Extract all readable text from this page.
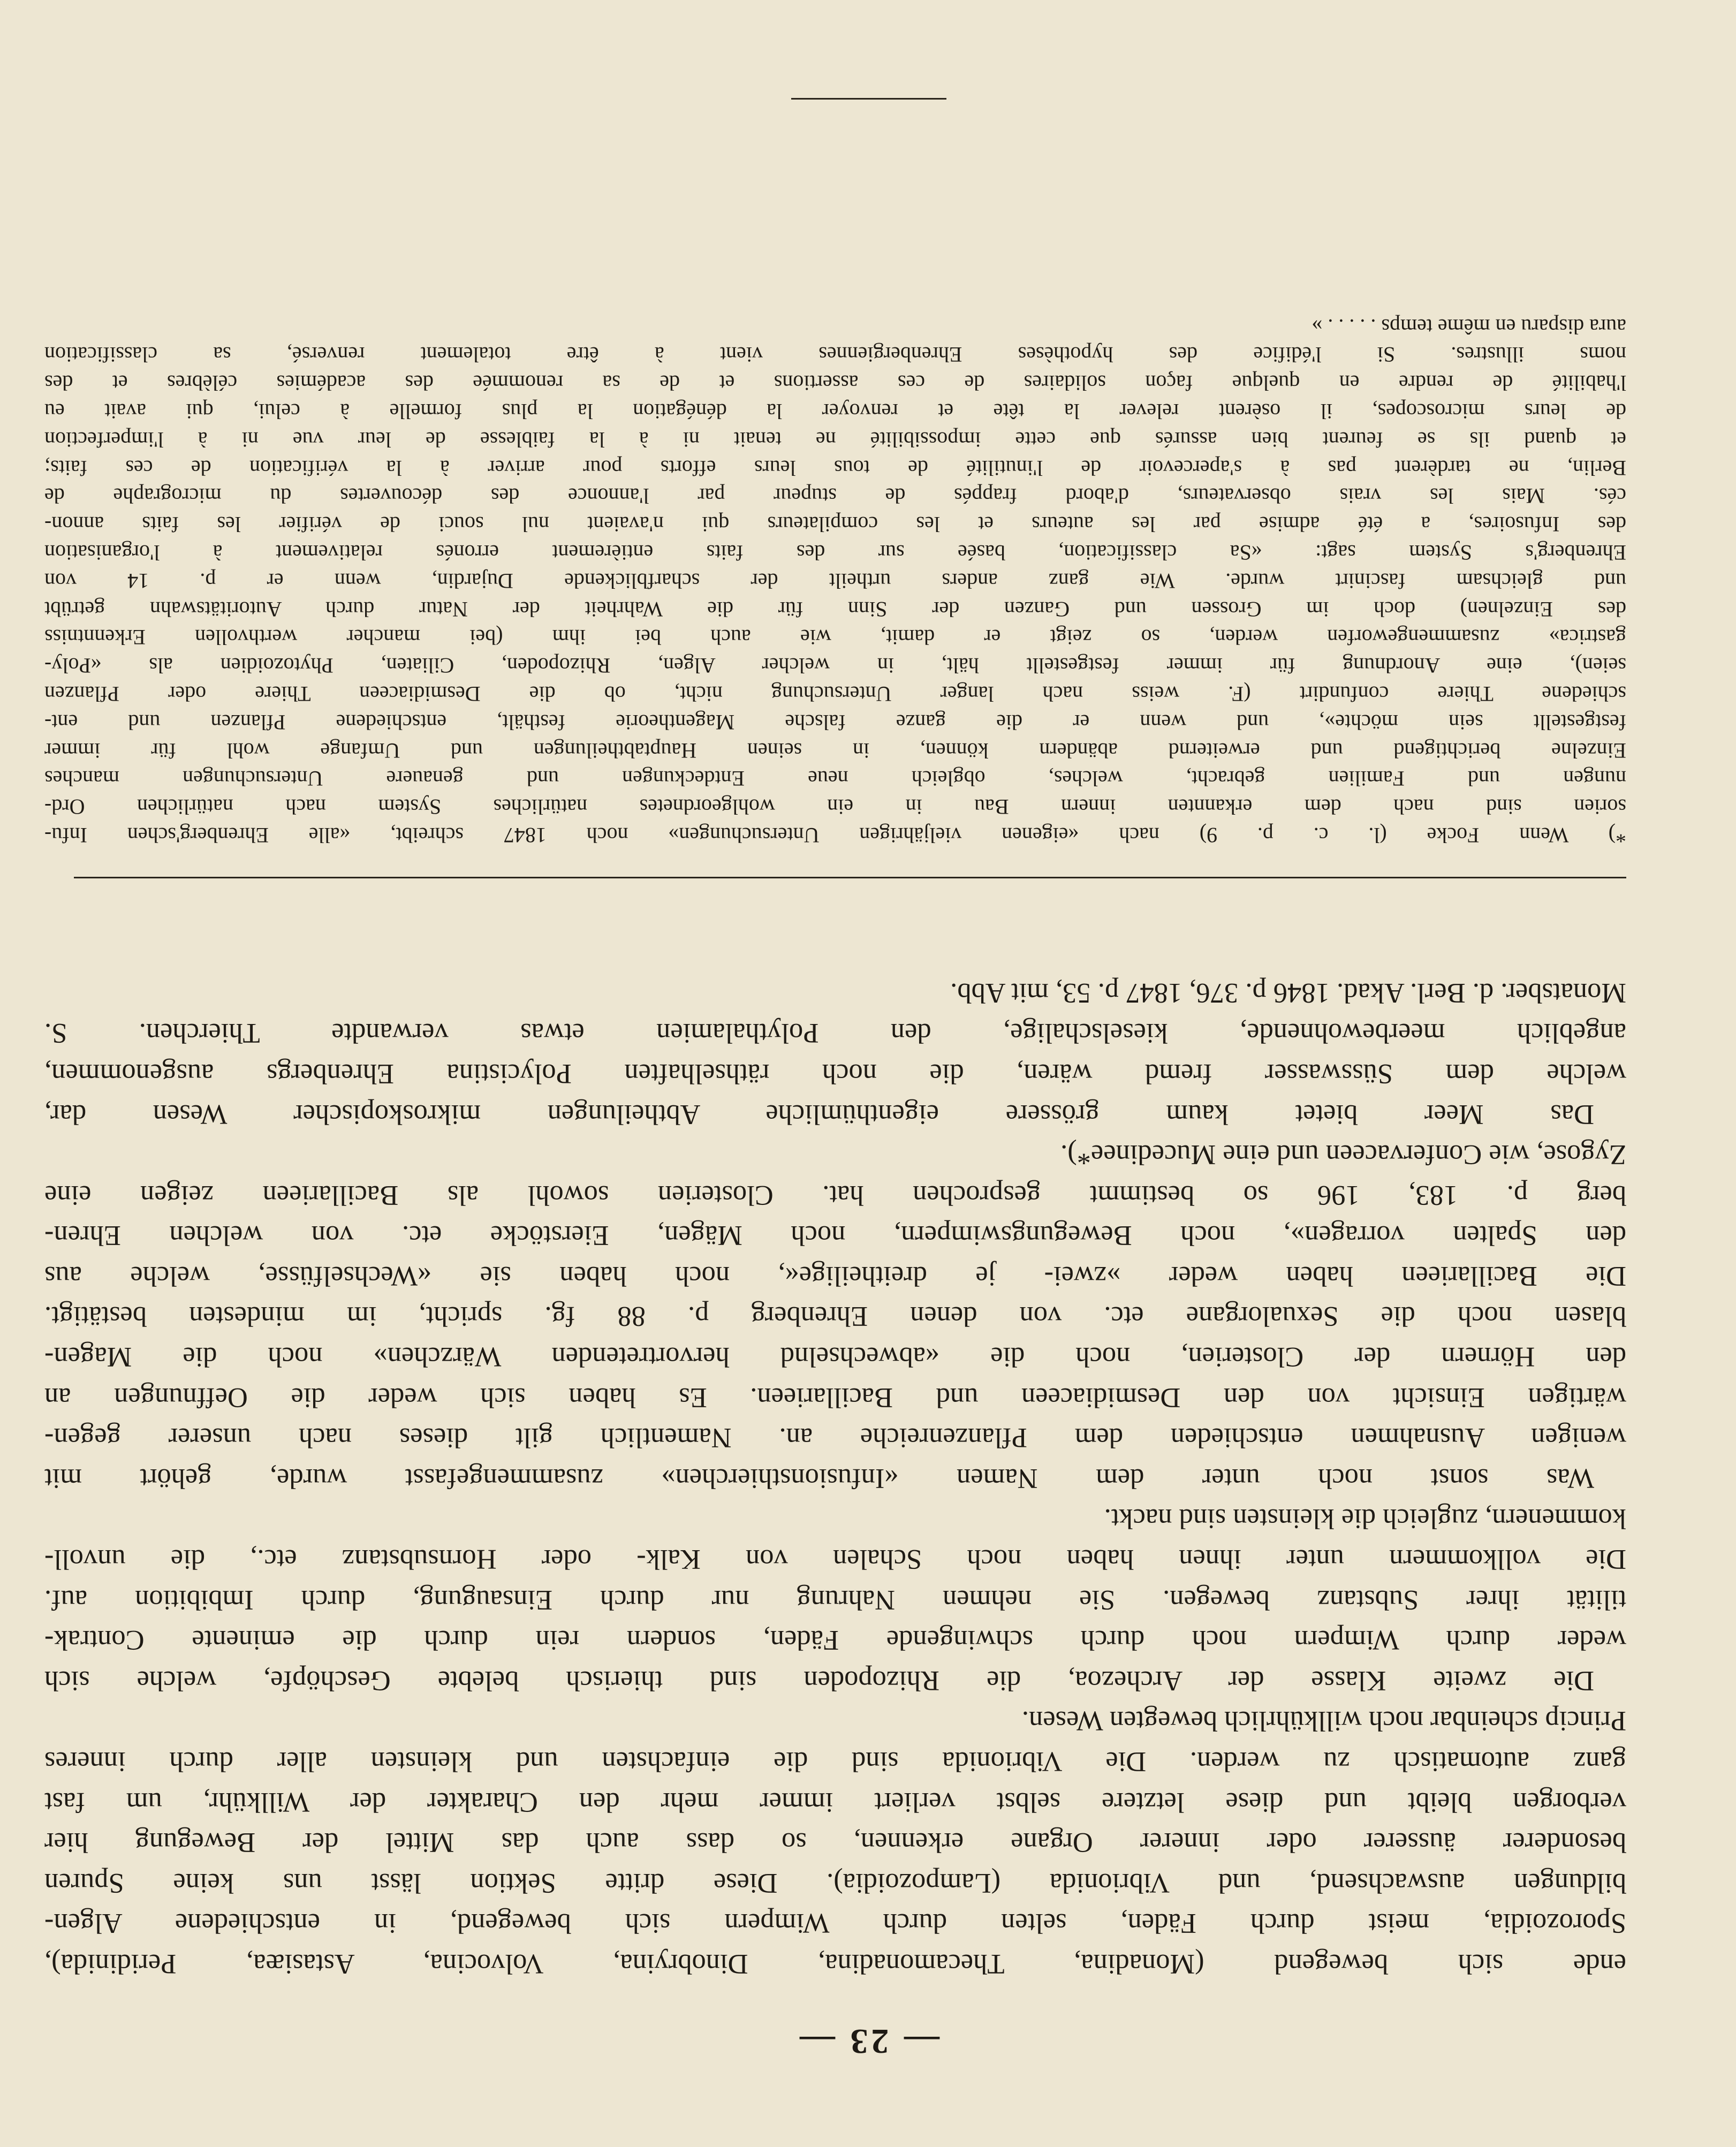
— 23 —
ende sich bewegend (Monadina, Thecamonadina, Dinobryina, Volvocina, Astasiæa, Peridinida),
Sporozoidia, meist durch Fäden, selten durch Wimpern sich bewegend, in entschiedene Algen-
bildungen auswachsend, und Vibrionida (Lampozoidia). Diese dritte Sektion lässt uns keine Spuren
besonderer äusserer oder innerer Organe erkennen, so dass auch das Mittel der Bewegung hier
verborgen bleibt und diese letztere selbst verliert immer mehr den Charakter der Willkühr, um fast
ganz automatisch zu werden. Die Vibrionida sind die einfachsten und kleinsten aller durch inneres
Princip scheinbar noch willkührlich bewegten Wesen.
Die zweite Klasse der Archezoa, die Rhizopoden sind thierisch belebte Geschöpfe, welche sich
weder durch Wimpern noch durch schwingende Fäden, sondern rein durch die eminente Contrak-
tilität ihrer Substanz bewegen. Sie nehmen Nahrung nur durch Einsaugung, durch Imbibition auf.
Die vollkommern unter ihnen haben noch Schalen von Kalk- oder Hornsubstanz etc., die unvoll-
kommenern, zugleich die kleinsten sind nackt.
Was sonst noch unter dem Namen «Infusionsthierchen» zusammengefasst wurde, gehört mit
wenigen Ausnahmen entschieden dem Pflanzenreiche an. Namentlich gilt dieses nach unserer gegen-
wärtigen Einsicht von den Desmidiaceen und Bacillarieen. Es haben sich weder die Oeffnungen an
den Hörnern der Closterien, noch die «abwechselnd hervortretenden Wärzchen» noch die Magen-
blasen noch die Sexualorgane etc. von denen Ehrenberg p. 88 fg. spricht, im mindesten bestätigt.
Die Bacillarieen haben weder »zwei- je dreitheilige«, noch haben sie «Wechselfüsse, welche aus
den Spalten vorragen», noch Bewegungswimpern, noch Mägen, Eierstöcke etc. von welchen Ehren-
berg p. 183, 196 so bestimmt gesprochen hat. Closterien sowohl als Bacillarieen zeigen eine
Zygose, wie Confervaceen und eine Mucedinee*).
Das Meer bietet kaum grössere eigenthümliche Abtheilungen mikroskopischer Wesen dar,
welche dem Süsswasser fremd wären, die noch räthselhaften Polycistina Ehrenbergs ausgenommen,
angeblich meerbewohnende, kieselschalige, den Polythalamien etwas verwandte Thierchen. S.
Monatsber. d. Berl. Akad. 1846 p. 376, 1847 p. 53, mit Abb.
*) Wenn Focke (l. c. p. 9) nach «eigenen vieljährigen Untersuchungen» noch 1847 schreibt, «alle Ehrenberg'schen Infu-
sorien sind nach dem erkannten innern Bau in ein wohlgeordnetes natürliches System nach natürlichen Ord-
nungen und Familien gebracht, welches, obgleich neue Entdeckungen und genauere Untersuchungen manches
Einzelne berichtigend und erweiternd abändern können, in seinen Hauptabtheilungen und Umfange wohl für immer
festgestellt sein möchte», und wenn er die ganze falsche Magentheorie festhält, entschiedene Pflanzen und ent-
schiedene Thiere confundirt (F. weiss nach langer Untersuchung nicht, ob die Desmidiaceen Thiere oder Pflanzen
seien), eine Anordnung für immer festgestellt hält, in welcher Algen, Rhizopoden, Ciliaten, Phytozoidien als «Poly-
gastrica» zusammengeworfen werden, so zeigt er damit, wie auch bei ihm (bei mancher werthvollen Erkenntniss
des Einzelnen) doch im Grossen und Ganzen der Sinn für die Wahrheit der Natur durch Autoritätswahn getrübt
und gleichsam fascinirt wurde. Wie ganz anders urtheilt der scharfblickende Dujardin, wenn er p. 14 von
Ehrenberg's System sagt: «Sa classification, basée sur des faits entièrement erronés relativement à l'organisation
des Infusoires, a été admise par les auteurs et les compilateurs qui n'avaient nul souci de vérifier les faits annon-
cés. Mais les vrais observateurs, d'abord frappés de stupeur par l'annonce des découvertes du micrographe de
Berlin, ne tardèrent pas à s'apercevoir de l'inutilité de tous leurs efforts pour arriver à la vérification de ces faits;
et quand ils se feurent bien assurés que cette impossibilité ne tenait ni à la faiblesse de leur vue ni à l'imperfection
de leurs microscopes, il osèrent relever la tête et renvoyer la dénégation la plus formelle à celui, qui avait eu
l'habilité de rendre en quelque façon solidaires de ces assertions et de sa renommée des académies célèbres et des
noms illustres. Si l'édifice des hypothèses Ehrenbergiennes vient à être totalement renversé, sa classification
aura disparu en même temps . . . . . »
